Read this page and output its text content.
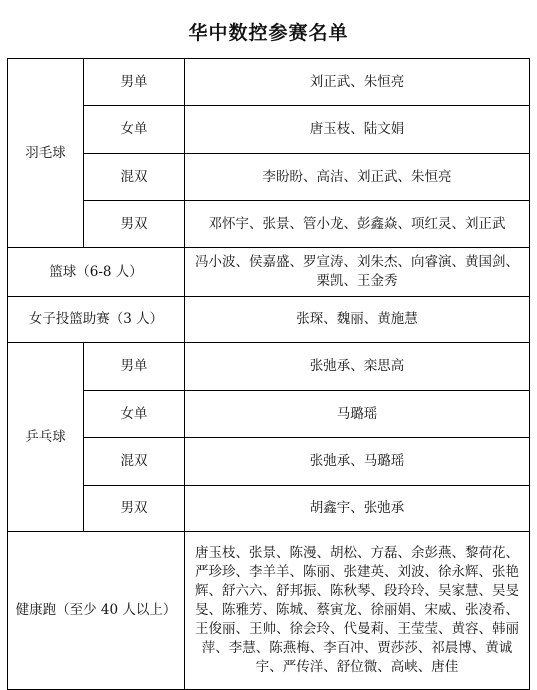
华中数控参赛名单
羽毛球	男单	刘正武、朱恒亮
	女单	唐玉枝、陆文娟
	混双	李盼盼、高洁、刘正武、朱恒亮
	男双	邓怀宇、张景、管小龙、彭鑫焱、项红灵、刘正武
篮球（6-8 人）		冯小波、侯嘉盛、罗宣涛、刘朱杰、向睿演、黄国剑、栗凯、王金秀
女子投篮助赛（3 人）		张琛、魏丽、黄施慧
乒乓球	男单	张弛承、栾思高
	女单	马璐瑶
	混双	张弛承、马璐瑶
	男双	胡鑫宇、张弛承
健康跑（至少 40 人以上）		唐玉枝、张景、陈漫、胡松、方磊、余彭燕、黎荷花、严珍珍、李羊羊、陈丽、张建英、刘波、徐永辉、张艳辉、舒六六、舒邦振、陈秋琴、段玲玲、吴家慧、吴旻旻、陈雅芳、陈城、蔡寅龙、徐丽娟、宋威、张凌希、王俊丽、王帅、徐会玲、代曼莉、王莹莹、黄容、韩丽萍、李慧、陈燕梅、李百冲、贾莎莎、祁晨博、黄诚宇、严传洋、舒位微、高峡、唐佳
